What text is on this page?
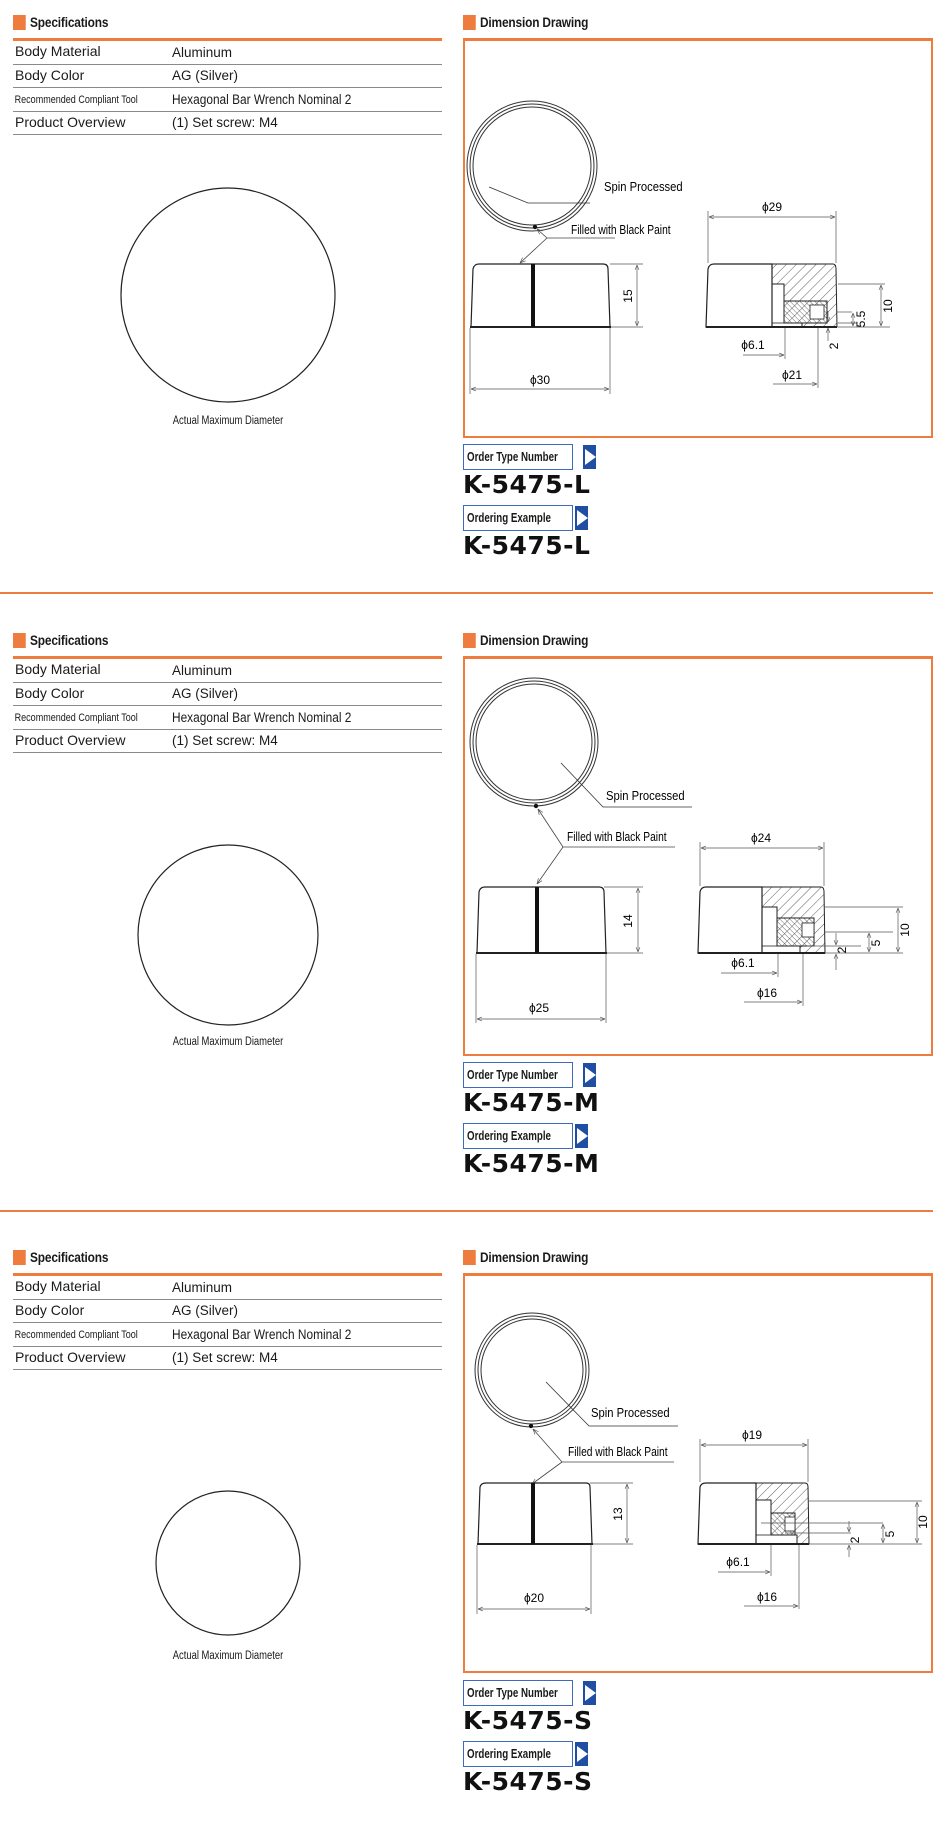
Specifications
Body Material	Aluminum
Body Color	AG (Silver)
Recommended Compliant Tool	Hexagonal Bar Wrench Nominal 2
Product Overview	(1) Set screw: M4
Actual Maximum Diameter
Dimension Drawing
Spin Processed
Filled with Black Paint
15
ϕ30
ϕ29
ϕ6.1
ϕ21
10
5.5
2
Order Type Number
K-5475-L
Ordering Example
K-5475-L
Specifications
Body Material	Aluminum
Body Color	AG (Silver)
Recommended Compliant Tool	Hexagonal Bar Wrench Nominal 2
Product Overview	(1) Set screw: M4
Actual Maximum Diameter
Dimension Drawing
Spin Processed
Filled with Black Paint
14
ϕ25
ϕ24
ϕ6.1
ϕ16
10
5
2
Order Type Number
K-5475-M
Ordering Example
K-5475-M
Specifications
Body Material	Aluminum
Body Color	AG (Silver)
Recommended Compliant Tool	Hexagonal Bar Wrench Nominal 2
Product Overview	(1) Set screw: M4
Actual Maximum Diameter
Dimension Drawing
Spin Processed
Filled with Black Paint
13
ϕ20
ϕ19
ϕ6.1
ϕ16
10
5
2
Order Type Number
K-5475-S
Ordering Example
K-5475-S
